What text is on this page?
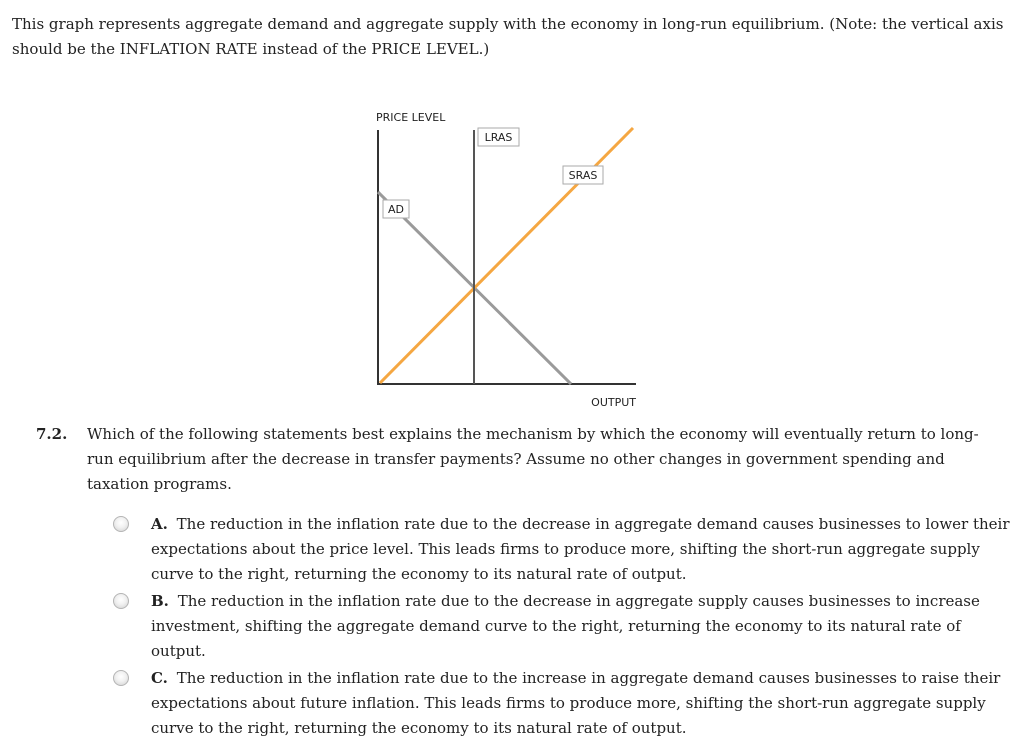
This graph represents aggregate demand and aggregate supply with the economy in long-run equilibrium. (Note: the vertical axis should be the INFLATION RATE instead of the PRICE LEVEL.)

PRICE LEVEL
LRAS
SRAS
AD
OUTPUT
7.2. Which of the following statements best explains the mechanism by which the economy will eventually return to long-run equilibrium after the decrease in transfer payments? Assume no other changes in government spending and taxation programs.

A. The reduction in the inflation rate due to the decrease in aggregate demand causes businesses to lower their expectations about the price level. This leads firms to produce more, shifting the short-run aggregate supply curve to the right, returning the economy to its natural rate of output.
B. The reduction in the inflation rate due to the decrease in aggregate supply causes businesses to increase investment, shifting the aggregate demand curve to the right, returning the economy to its natural rate of output.
C. The reduction in the inflation rate due to the increase in aggregate demand causes businesses to raise their expectations about future inflation. This leads firms to produce more, shifting the short-run aggregate supply curve to the right, returning the economy to its natural rate of output.
